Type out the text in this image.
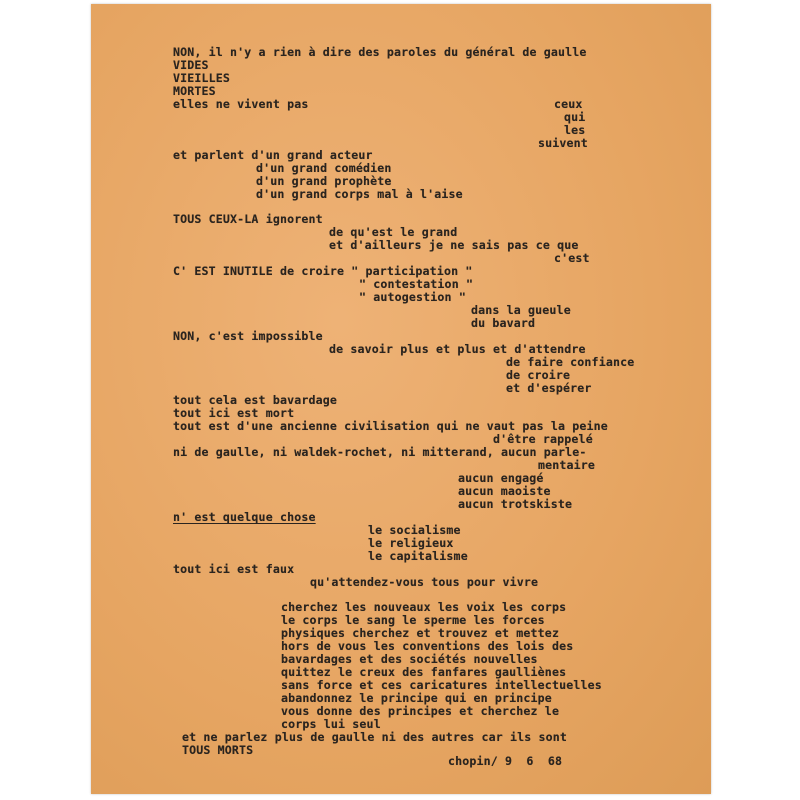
NON, il n'y a rien à dire des paroles du général de gaulle

VIDES

VIEILLES

MORTES

elles ne vivent pas	ceux

qui

les

suivent

et parlent d'un grand acteur

d'un grand comédien

d'un grand prophète

d'un grand corps mal à l'aise

TOUS CEUX-LA ignorent

de qu'est le grand

et d'ailleurs je ne sais pas ce que

c'est

C' EST INUTILE de croire " participation "

" contestation "

" autogestion "

dans la gueule

du bavard

NON, c'est impossible

de savoir plus et plus et d'attendre

de faire confiance

de croire

et d'espérer

tout cela est bavardage

tout ici est mort

tout est d'une ancienne civilisation qui ne vaut pas la peine

d'être rappelé

ni de gaulle, ni waldek-rochet, ni mitterand, aucun parle-

mentaire

aucun engagé

aucun maoiste

aucun trotskiste

n' est quelque chose

le socialisme

le religieux

le capitalisme

tout ici est faux

qu'attendez-vous tous pour vivre

cherchez les nouveaux les voix les corps

le corps le sang le sperme les forces

physiques cherchez et trouvez et mettez

hors de vous les conventions des lois des

bavardages et des sociétés nouvelles

quittez le creux des fanfares gaulliènes

sans force et ces caricatures intellectuelles

abandonnez le principe qui en principe

vous donne des principes et cherchez le

corps lui seul

et ne parlez plus de gaulle ni des autres car ils sont

TOUS MORTS

chopin/ 9  6  68
